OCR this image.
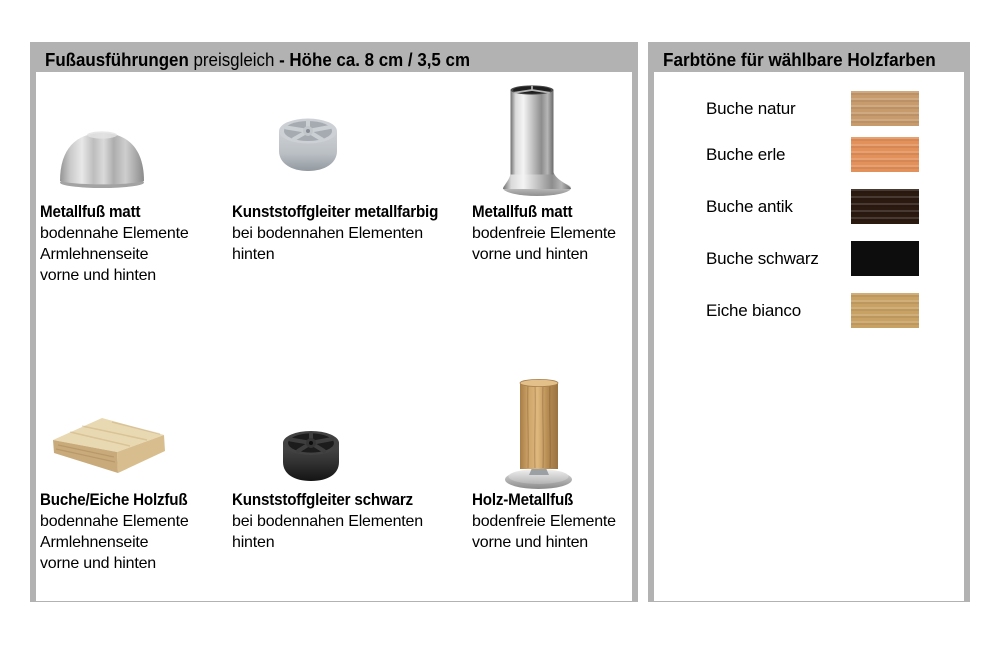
Fußausführungen preisgleich - Höhe ca. 8 cm / 3,5 cm
Metallfuß matt
bodennahe Elemente
Armlehnenseite
vorne und hinten
Kunststoffgleiter metallfarbig
bei bodennahen Elementen
hinten
Metallfuß matt
bodenfreie Elemente
vorne und hinten
Buche/Eiche Holzfuß
bodennahe Elemente
Armlehnenseite
vorne und hinten
Kunststoffgleiter schwarz
bei bodennahen Elementen
hinten
Holz-Metallfuß
bodenfreie Elemente
vorne und hinten
Farbtöne für wählbare Holzfarben
Buche natur
Buche erle
Buche antik
Buche schwarz
Eiche bianco
